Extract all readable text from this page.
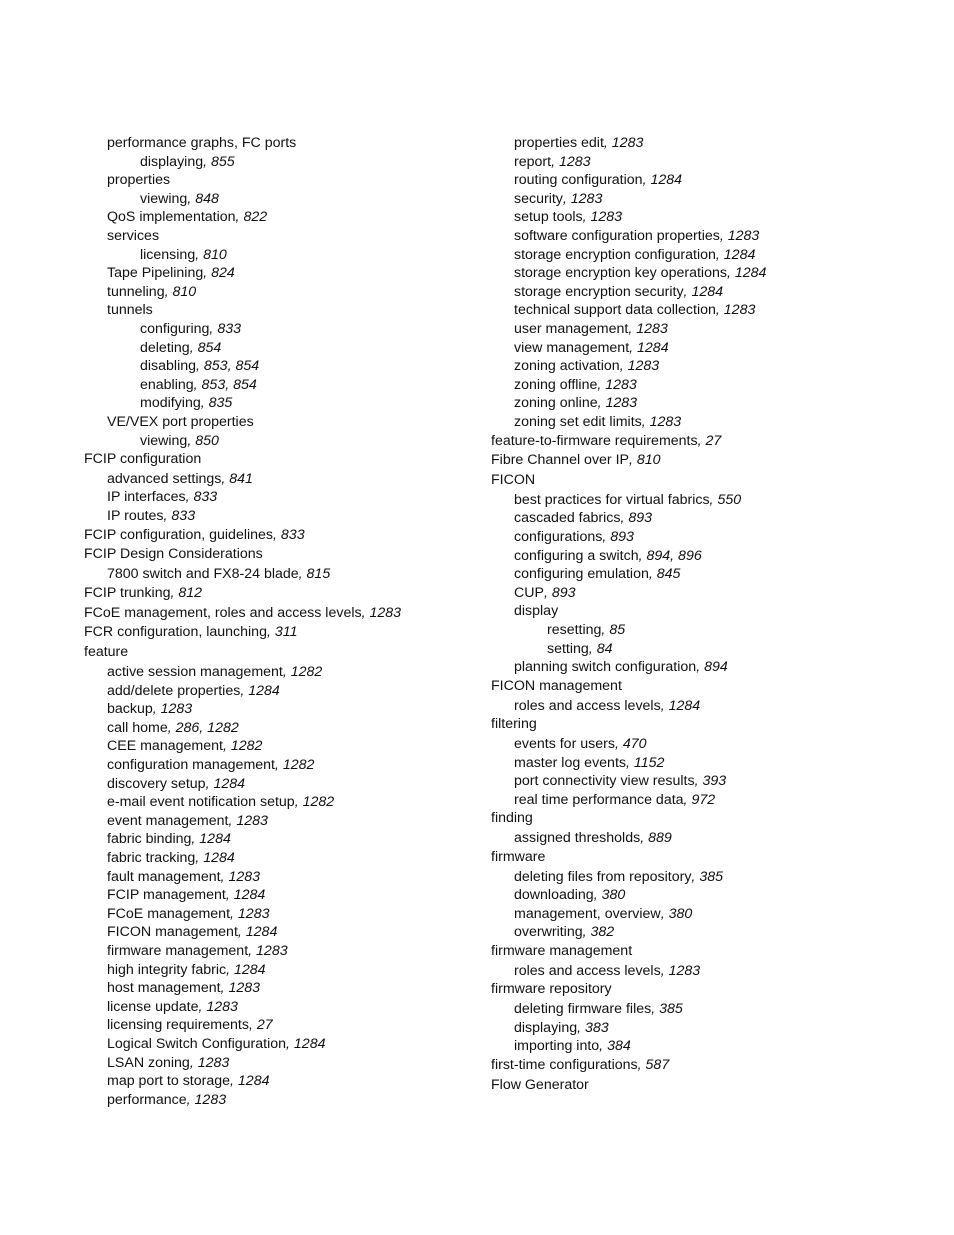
performance graphs, FC ports
displaying, 855
properties
viewing, 848
QoS implementation, 822
services
licensing, 810
Tape Pipelining, 824
tunneling, 810
tunnels
configuring, 833
deleting, 854
disabling, 853, 854
enabling, 853, 854
modifying, 835
VE/VEX port properties
viewing, 850
FCIP configuration
advanced settings, 841
IP interfaces, 833
IP routes, 833
FCIP configuration, guidelines, 833
FCIP Design Considerations
7800 switch and FX8-24 blade, 815
FCIP trunking, 812
FCoE management, roles and access levels, 1283
FCR configuration, launching, 311
feature
active session management, 1282
add/delete properties, 1284
backup, 1283
call home, 286, 1282
CEE management, 1282
configuration management, 1282
discovery setup, 1284
e-mail event notification setup, 1282
event management, 1283
fabric binding, 1284
fabric tracking, 1284
fault management, 1283
FCIP management, 1284
FCoE management, 1283
FICON management, 1284
firmware management, 1283
high integrity fabric, 1284
host management, 1283
license update, 1283
licensing requirements, 27
Logical Switch Configuration, 1284
LSAN zoning, 1283
map port to storage, 1284
performance, 1283
properties edit, 1283
report, 1283
routing configuration, 1284
security, 1283
setup tools, 1283
software configuration properties, 1283
storage encryption configuration, 1284
storage encryption key operations, 1284
storage encryption security, 1284
technical support data collection, 1283
user management, 1283
view management, 1284
zoning activation, 1283
zoning offline, 1283
zoning online, 1283
zoning set edit limits, 1283
feature-to-firmware requirements, 27
Fibre Channel over IP, 810
FICON
best practices for virtual fabrics, 550
cascaded fabrics, 893
configurations, 893
configuring a switch, 894, 896
configuring emulation, 845
CUP, 893
display
resetting, 85
setting, 84
planning switch configuration, 894
FICON management
roles and access levels, 1284
filtering
events for users, 470
master log events, 1152
port connectivity view results, 393
real time performance data, 972
finding
assigned thresholds, 889
firmware
deleting files from repository, 385
downloading, 380
management, overview, 380
overwriting, 382
firmware management
roles and access levels, 1283
firmware repository
deleting firmware files, 385
displaying, 383
importing into, 384
first-time configurations, 587
Flow Generator
